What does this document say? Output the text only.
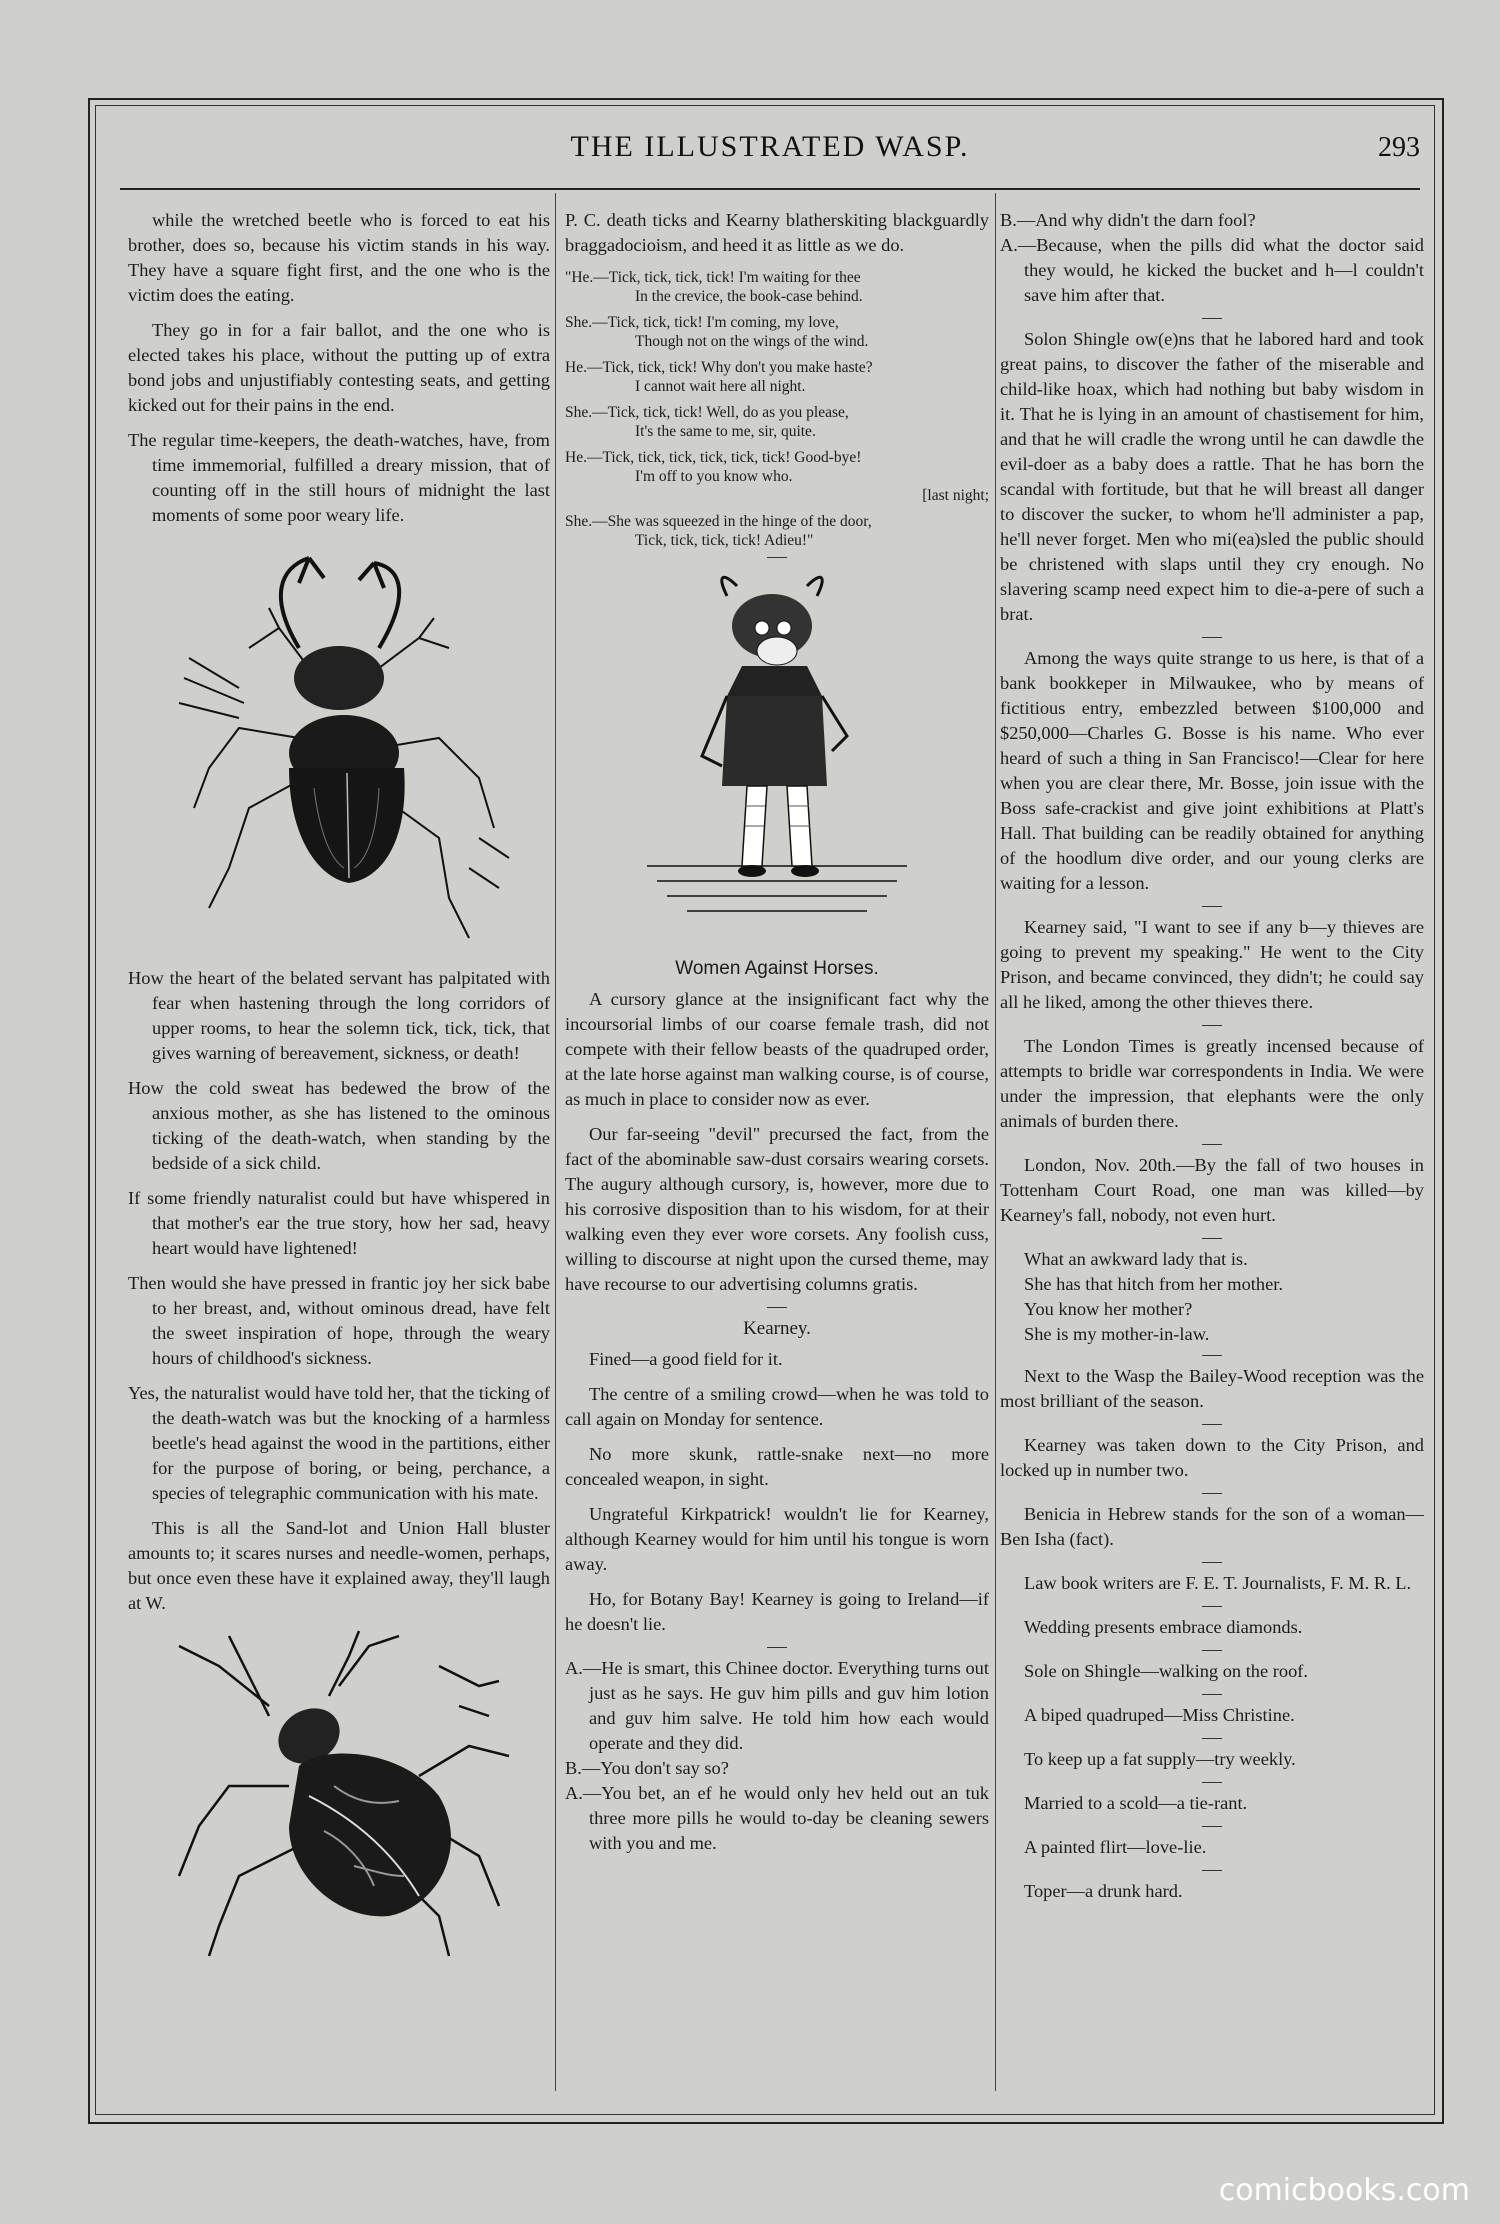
THE ILLUSTRATED WASP.	293

while the wretched beetle who is forced to eat his brother, does so, because his victim stands in his way. They have a square fight first, and the one who is the victim does the eating.

They go in for a fair ballot, and the one who is elected takes his place, without the putting up of extra bond jobs and unjustifiably contesting seats, and getting kicked out for their pains in the end.

The regular time-keepers, the death-watches, have, from time immemorial, fulfilled a dreary mission, that of counting off in the still hours of midnight the last moments of some poor weary life.

How the heart of the belated servant has palpitated with fear when hastening through the long corridors of upper rooms, to hear the solemn tick, tick, tick, that gives warning of bereavement, sickness, or death!

How the cold sweat has bedewed the brow of the anxious mother, as she has listened to the ominous ticking of the death-watch, when standing by the bedside of a sick child.

If some friendly naturalist could but have whispered in that mother's ear the true story, how her sad, heavy heart would have lightened!

Then would she have pressed in frantic joy her sick babe to her breast, and, without ominous dread, have felt the sweet inspiration of hope, through the weary hours of childhood's sickness.

Yes, the naturalist would have told her, that the ticking of the death-watch was but the knocking of a harmless beetle's head against the wood in the partitions, either for the purpose of boring, or being, perchance, a species of telegraphic communication with his mate.

This is all the Sand-lot and Union Hall bluster amounts to; it scares nurses and needle-women, perhaps, but once even these have it explained away, they'll laugh at W.

P. C. death ticks and Kearny blatherskiting blackguardly braggadocioism, and heed it as little as we do.

"He.—Tick, tick, tick, tick! I'm waiting for thee
In the crevice, the book-case behind.
She.—Tick, tick, tick! I'm coming, my love,
Though not on the wings of the wind.
He.—Tick, tick, tick! Why don't you make haste?
I cannot wait here all night.
She.—Tick, tick, tick! Well, do as you please,
It's the same to me, sir, quite.
He.—Tick, tick, tick, tick, tick, tick! Good-bye!
I'm off to you know who.
[last night;
She.—She was squeezed in the hinge of the door,
Tick, tick, tick, tick! Adieu!"
Women Against Horses.

A cursory glance at the insignificant fact why the incoursorial limbs of our coarse female trash, did not compete with their fellow beasts of the quadruped order, at the late horse against man walking course, is of course, as much in place to consider now as ever.

Our far-seeing "devil" precursed the fact, from the fact of the abominable saw-dust corsairs wearing corsets. The augury although cursory, is, however, more due to his corrosive disposition than to his wisdom, for at their walking even they ever wore corsets. Any foolish cuss, willing to discourse at night upon the cursed theme, may have recourse to our advertising columns gratis.

Kearney.

Fined—a good field for it.

The centre of a smiling crowd—when he was told to call again on Monday for sentence.

No more skunk, rattle-snake next—no more concealed weapon, in sight.

Ungrateful Kirkpatrick! wouldn't lie for Kearney, although Kearney would for him until his tongue is worn away.

Ho, for Botany Bay! Kearney is going to Ireland—if he doesn't lie.

A.—He is smart, this Chinee doctor. Everything turns out just as he says. He guv him pills and guv him lotion and guv him salve. He told him how each would operate and they did.

B.—You don't say so?

A.—You bet, an ef he would only hev held out an tuk three more pills he would to-day be cleaning sewers with you and me.

B.—And why didn't the darn fool?

A.—Because, when the pills did what the doctor said they would, he kicked the bucket and h—l couldn't save him after that.

Solon Shingle ow(e)ns that he labored hard and took great pains, to discover the father of the miserable and child-like hoax, which had nothing but baby wisdom in it. That he is lying in an amount of chastisement for him, and that he will cradle the wrong until he can dawdle the evil-doer as a baby does a rattle. That he has born the scandal with fortitude, but that he will breast all danger to discover the sucker, to whom he'll administer a pap, he'll never forget. Men who mi(ea)sled the public should be christened with slaps until they cry enough. No slavering scamp need expect him to die-a-pere of such a brat.

Among the ways quite strange to us here, is that of a bank bookkeper in Milwaukee, who by means of fictitious entry, embezzled between $100,000 and $250,000—Charles G. Bosse is his name. Who ever heard of such a thing in San Francisco!—Clear for here when you are clear there, Mr. Bosse, join issue with the Boss safe-crackist and give joint exhibitions at Platt's Hall. That building can be readily obtained for anything of the hoodlum dive order, and our young clerks are waiting for a lesson.

Kearney said, "I want to see if any b—y thieves are going to prevent my speaking." He went to the City Prison, and became convinced, they didn't; he could say all he liked, among the other thieves there.

The London Times is greatly incensed because of attempts to bridle war correspondents in India. We were under the impression, that elephants were the only animals of burden there.

London, Nov. 20th.—By the fall of two houses in Tottenham Court Road, one man was killed—by Kearney's fall, nobody, not even hurt.

What an awkward lady that is.
She has that hitch from her mother.
You know her mother?
She is my mother-in-law.

Next to the Wasp the Bailey-Wood reception was the most brilliant of the season.

Kearney was taken down to the City Prison, and locked up in number two.

Benicia in Hebrew stands for the son of a woman—Ben Isha (fact).

Law book writers are F. E. T. Journalists, F. M. R. L.

Wedding presents embrace diamonds.

Sole on Shingle—walking on the roof.

A biped quadruped—Miss Christine.

To keep up a fat supply—try weekly.

Married to a scold—a tie-rant.

A painted flirt—love-lie.

Toper—a drunk hard.

comicbooks.com
